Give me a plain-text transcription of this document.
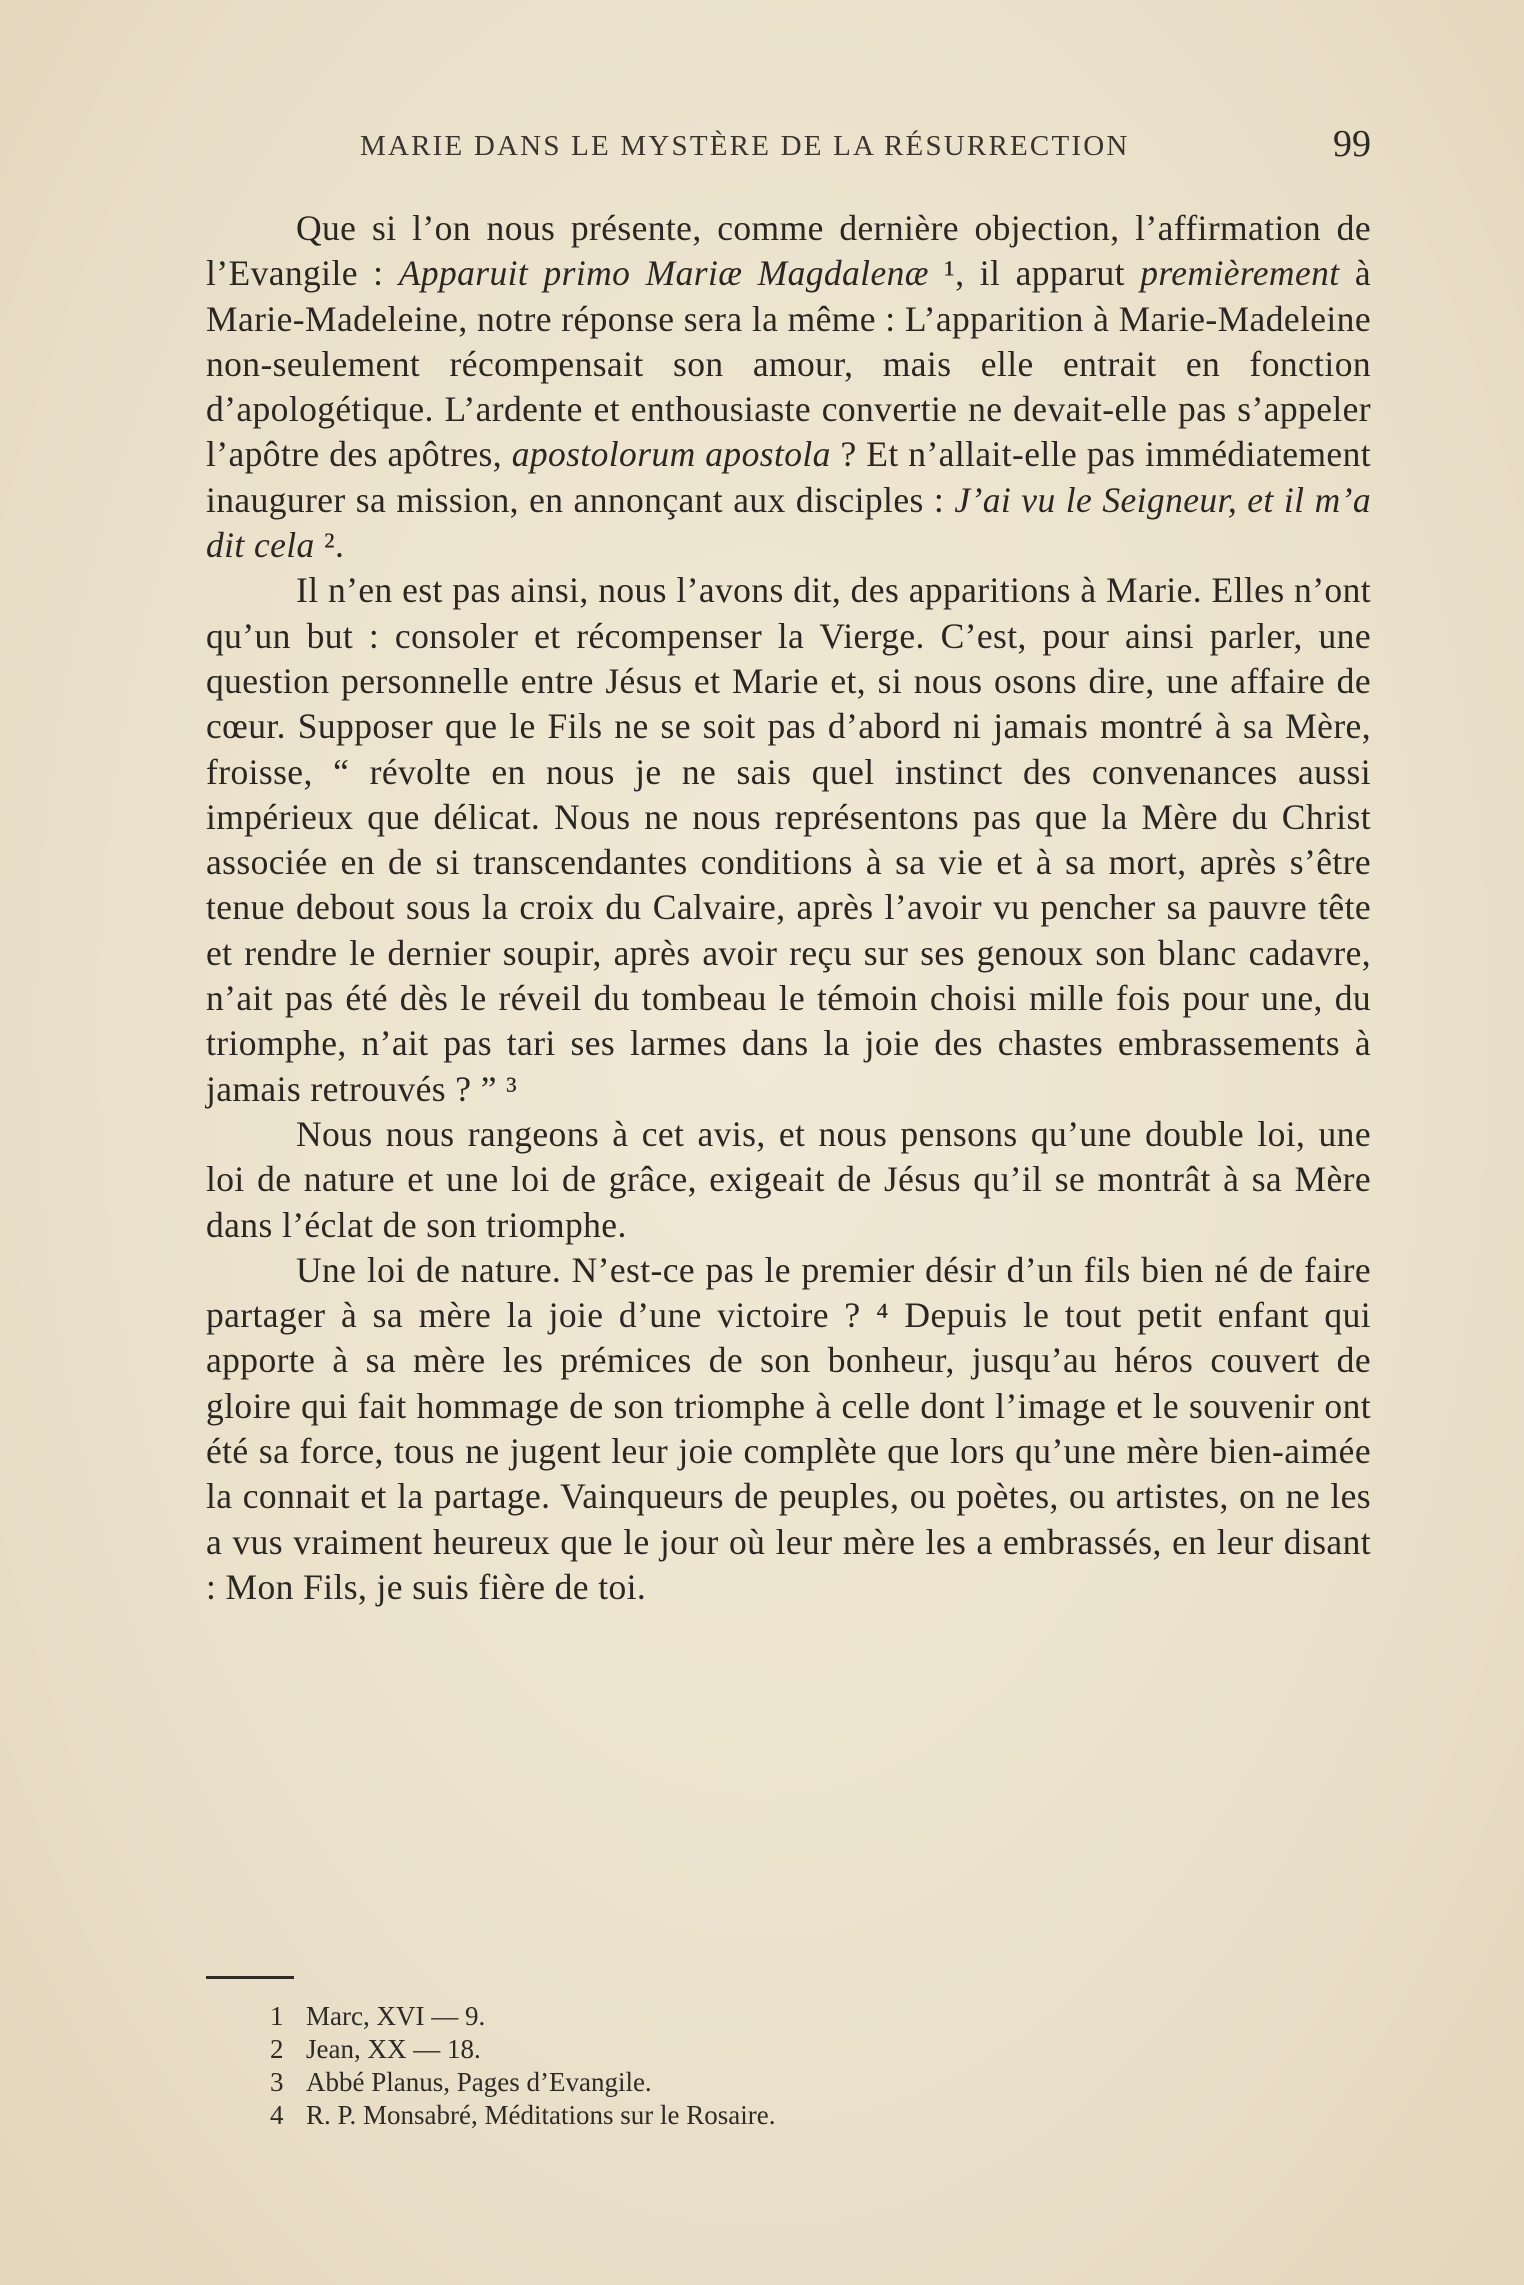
MARIE DANS LE MYSTÈRE DE LA RÉSURRECTION	99

Que si l’on nous présente, comme dernière objection, l’affirmation de l’Evangile : Apparuit primo Mariæ Magdalenæ ¹, il apparut premièrement à Marie-Madeleine, notre réponse sera la même : L’apparition à Marie-Madeleine non-seulement récompensait son amour, mais elle entrait en fonction d’apologétique. L’ardente et enthousiaste convertie ne devait-elle pas s’appeler l’apôtre des apôtres, apostolorum apostola ? Et n’allait-elle pas immédiatement inaugurer sa mission, en annonçant aux disciples : J’ai vu le Seigneur, et il m’a dit cela ².

Il n’en est pas ainsi, nous l’avons dit, des apparitions à Marie. Elles n’ont qu’un but : consoler et récompenser la Vierge. C’est, pour ainsi parler, une question personnelle entre Jésus et Marie et, si nous osons dire, une affaire de cœur. Supposer que le Fils ne se soit pas d’abord ni jamais montré à sa Mère, froisse, “ révolte en nous je ne sais quel instinct des convenances aussi impérieux que délicat. Nous ne nous représentons pas que la Mère du Christ associée en de si transcendantes conditions à sa vie et à sa mort, après s’être tenue debout sous la croix du Calvaire, après l’avoir vu pencher sa pauvre tête et rendre le dernier soupir, après avoir reçu sur ses genoux son blanc cadavre, n’ait pas été dès le réveil du tombeau le témoin choisi mille fois pour une, du triomphe, n’ait pas tari ses larmes dans la joie des chastes embrassements à jamais retrouvés ? ” ³

Nous nous rangeons à cet avis, et nous pensons qu’une double loi, une loi de nature et une loi de grâce, exigeait de Jésus qu’il se montrât à sa Mère dans l’éclat de son triomphe.

Une loi de nature. N’est-ce pas le premier désir d’un fils bien né de faire partager à sa mère la joie d’une victoire ? ⁴ Depuis le tout petit enfant qui apporte à sa mère les prémices de son bonheur, jusqu’au héros couvert de gloire qui fait hommage de son triomphe à celle dont l’image et le souvenir ont été sa force, tous ne jugent leur joie complète que lors qu’une mère bien-aimée la connait et la partage. Vainqueurs de peuples, ou poètes, ou artistes, on ne les a vus vraiment heureux que le jour où leur mère les a embrassés, en leur disant : Mon Fils, je suis fière de toi.

1 Marc, XVI — 9.
2 Jean, XX — 18.
3 Abbé Planus, Pages d’Evangile.
4 R. P. Monsabré, Méditations sur le Rosaire.
